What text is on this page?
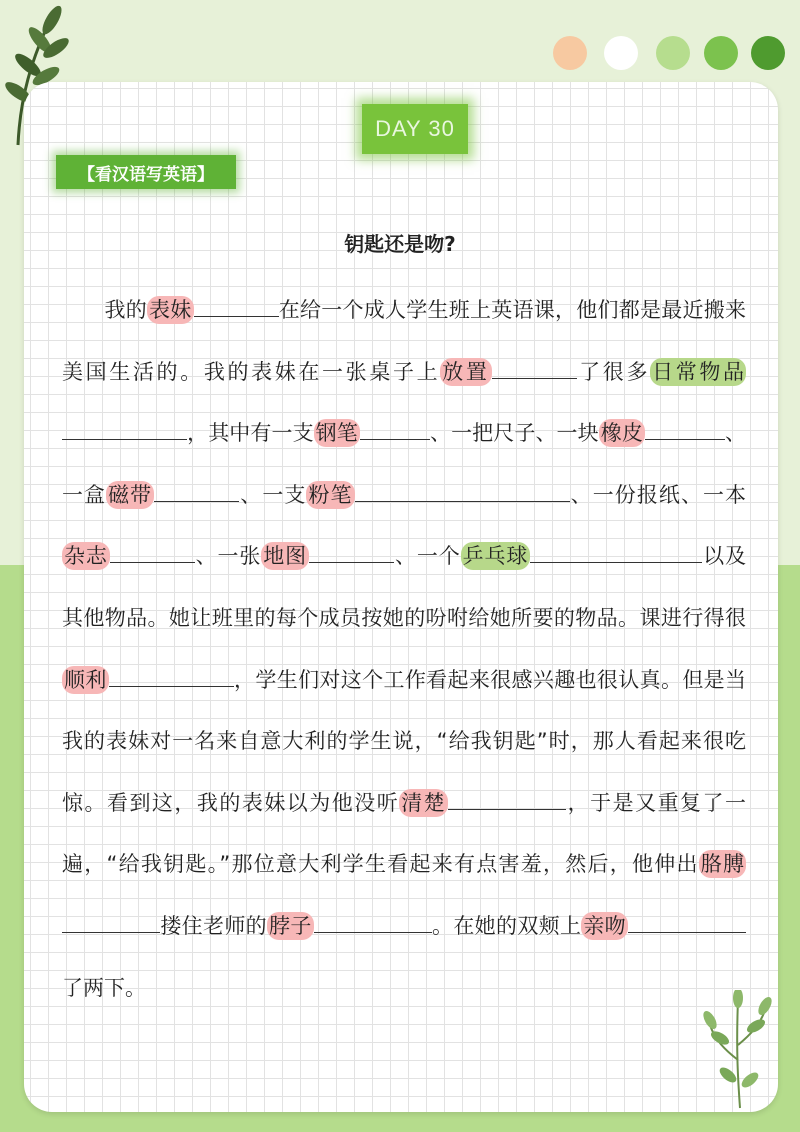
DAY 30
【看汉语写英语】
钥匙还是吻?
　　我的表妹	在给一个成人学生班上英语课，他们都是最近搬来美国生活的。我的表妹在一张桌子上放置	了很多日常物品，其中有一支钢笔	、一把尺子、一块橡皮	、一盒磁带	、一支粉笔	、一份报纸、一本杂志	、一张地图	、一个乒乓球	以及其他物品。她让班里的每个成员按她的吩咐给她所要的物品。课进行得很顺利	，学生们对这个工作看起来很感兴趣也很认真。但是当我的表妹对一名来自意大利的学生说，“给我钥匙”时，那人看起来很吃惊。看到这，我的表妹以为他没听清楚	，于是又重复了一遍，“给我钥匙。”那位意大利学生看起来有点害羞，然后，他伸出胳膊搂住老师的脖子	。在她的双颊上亲吻了两下。
